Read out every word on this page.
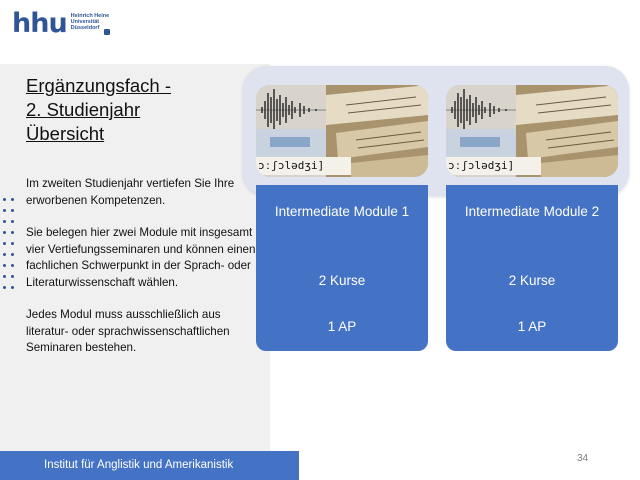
hhu Heinrich Heine
Universität
Düsseldorf
Ergänzungsfach -
2. Studienjahr
Übersicht

Im zweiten Studienjahr vertiefen Sie Ihre erworbenen Kompetenzen.

Sie belegen hier zwei Module mit insgesamt vier Vertiefungsseminaren und können einen fachlichen Schwerpunkt in der Sprach- oder Literaturwissenschaft wählen.

Jedes Modul muss ausschließlich aus literatur- oder sprachwissenschaftlichen Seminaren bestehen.

Intermediate Module 1
2 Kurse
1 AP
Intermediate Module 2
2 Kurse
1 AP
ɔːʃɔlədʒi]	ɔːʃɔlədʒi]
Institut für Anglistik und Amerikanistik
34
